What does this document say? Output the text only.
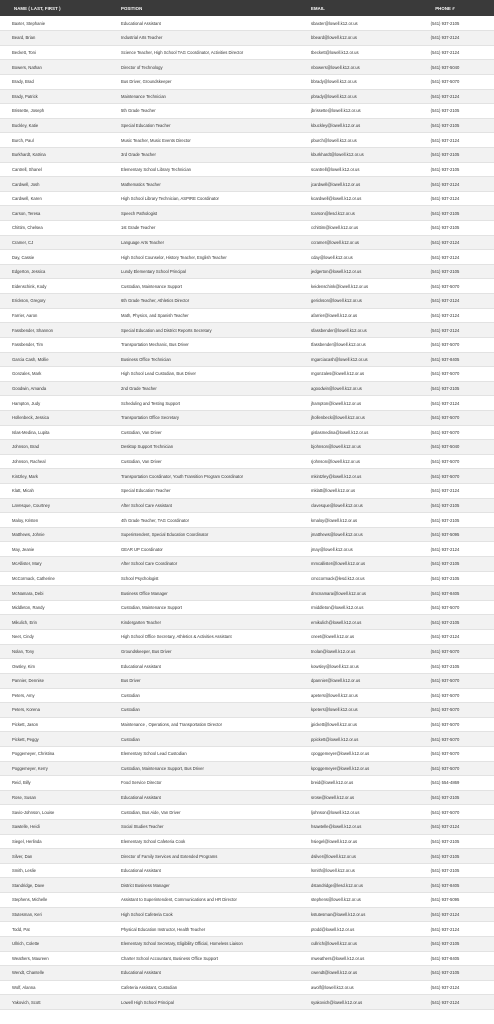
NAME ( LAST, FIRST )	POSITION	EMAIL	PHONE #
Baxter, Stephanie	Educational Assistant	sbaxter@lowell.k12.or.us	(541) 937-2105
Beard, Brian	Industrial Arts Teacher	bbeard@lowell.k12.or.us	(541) 937-2124
Beckett, Toni	Science Teacher, High School TAG Coordinator, Activities Director	tbeckett@lowell.k12.or.us	(541) 937-2124
Bowers, Nathan	Director of Technology	nbowers@lowell.k12.or.us	(541) 937-5040
Brady, Brad	Bus Driver, Groundskeeper	bbrady@lowell.k12.or.us	(541) 937-5070
Brady, Patrick	Maintenance Technician	pbrady@lowell.k12.or.us	(541) 937-2124
Brissette, Joseph	5th Grade Teacher	jbrissette@lowell.k12.or.us	(541) 937-2105
Buckley, Katie	Special Education Teacher	kbuckley@lowell.k12.or.us	(541) 937-2105
Burch, Paul	Music Teacher, Music Events Director	pburch@lowell.k12.or.us	(541) 937-2124
Burkhardt, Katrina	3rd Grade Teacher	kburkhardt@lowell.k12.or.us	(541) 937-2105
Cantrell, Shanel	Elementary School Library Technician	scantrell@lowell.k12.or.us	(541) 937-2105
Cardwell, Josh	Mathematics Teacher	jcardwell@lowell.k12.or.us	(541) 937-2124
Cardwell, Karen	High School Library Technician, ASPIRE Coordinator	kcardwell@lowell.k12.or.us	(541) 937-2124
Carson, Teresa	Speech Pathologist	tcarson@lesd.k12.or.us	(541) 937-2105
Chittim, Chelsea	1st Grade Teacher	cchittim@lowell.k12.or.us	(541) 937-2105
Cramer, CJ	Language Arts Teacher	ccramer@lowell.k12.or.us	(541) 937-2124
Day, Cassie	High School Counselor, History Teacher, English Teacher	cday@lowell.k12.or.us	(541) 937-2124
Edgerton, Jessica	Lundy Elementary School Principal	jedgerton@lowell.k12.or.us	(541) 937-2105
Eidenschink, Kody	Custodian, Maintenance Support	keidenschink@lowell.k12.or.us	(541) 937-5070
Erickson, Gregory	6th Grade Teacher, Athletics Director	gerickson@lowell.k12.or.us	(541) 937-2124
Farrier, Aaron	Math, Physics, and Spanish Teacher	afarrier@lowell.k12.or.us	(541) 937-2124
Fassbender, Shannon	Special Education and District Reports Secretary	sfassbender@lowell.k12.or.us	(541) 937-2124
Fassbender, Tim	Transportation Mechanic, Bus Driver	tfassbender@lowell.k12.or.us	(541) 937-5070
Garcia Cash, Mollie	Business Office Technician	mgarciacash@lowell.k12.or.us	(541) 937-8405
Gonzales, Mark	High School Lead Custodian, Bus Driver	mgonzales@lowell.k12.or.us	(541) 937-5070
Goodwin, Amanda	2nd Grade Teacher	agoodwin@lowell.k12.or.us	(541) 937-2105
Hampton, Judy	Scheduling and Testing Support	jhampton@lowell.k12.or.us	(541) 937-2124
Hollenbeck, Jessica	Transportation Office Secretary	jhollenbeck@lowell.k12.or.us	(541) 937-5070
Islas-Medina, Lupita	Custodian, Van Driver	gislasmedina@lowell.k12.or.us	(541) 937-5070
Johnson, Brad	Desktop Support Technician	bjohnson@lowell.k12.or.us	(541) 937-5040
Johnson, Racheal	Custodian, Van Driver	rjohnson@lowell.k12.or.us	(541) 937-5070
Kintzley, Mark	Transportation Coordinator, Youth Transition Program Coordinator	mkintzley@lowell.k12.or.us	(541) 937-5070
Klatt, Micah	Special Education Teacher	mklatt@lowell.k12.or.us	(541) 937-2124
LaVesque, Courtney	After School Care Assistant	clavesque@lowell.k12.or.us	(541) 937-2105
Maloy, Kristen	4th Grade Teacher, TAG Coordinator	kmaloy@lowell.k12.or.us	(541) 937-2105
Matthews, Johnie	Superintendent, Special Education Coordinator	jmatthews@lowell.k12.or.us	(541) 937-5095
May, Jeanie	GEAR UP Coordinator	jmay@lowell.k12.or.us	(541) 937-2124
McAllister, Mary	After School Care Coordinator	mmcallister@lowell.k12.or.us	(541) 937-2105
McCormack, Catherine	School Psychologist	cmccormack@lesd.k12.or.us	(541) 937-2105
McNamara, Debi	Business Office Manager	dmcnamara@lowell.k12.or.us	(541) 937-8405
Middleton, Randy	Custodian, Maintenance Support	rmiddleton@lowell.k12.or.us	(541) 937-5070
Mikulich, Erin	Kindergarten Teacher	emikulich@lowell.k12.or.us	(541) 937-2105
Neet, Cindy	High School Office Secretary, Athletics & Activities Assistant	cneet@lowell.k12.or.us	(541) 937-2124
Nolan, Tony	Groundskeeper, Bus Driver	tnolan@lowell.k12.or.us	(541) 937-5070
Owsley, Kim	Educational Assistant	kowsley@lowell.k12.or.us	(541) 937-2105
Pannier, Dennise	Bus Driver	dpannier@lowell.k12.or.us	(541) 937-5070
Peters, Amy	Custodian	apeters@lowell.k12.or.us	(541) 937-5070
Peters, Korena	Custodian	kpeters@lowell.k12.or.us	(541) 937-5070
Pickett, Jason	Maintenance , Operations, and Transportation Director	jpickett@lowell.k12.or.us	(541) 937-5070
Pickett, Peggy	Custodian	ppickett@lowell.k12.or.us	(541) 937-5070
Poggemeyer, Christina	Elementary School Lead Custodian	cpoggemeyer@lowell.k12.or.us	(541) 937-5070
Poggemeyer, Kerry	Custodian, Maintenance Support, Bus Driver	kpoggemeyer@lowell.k12.or.us	(541) 937-5070
Reid, Billy	Food Service Director	breid@lowell.k12.or.us	(541) 554-4869
Rose, Susan	Educational Assistant	srose@lowell.k12.or.us	(541) 937-2105
Savio-Johnson, Louise	Custodian, Bus Aide, Van Driver	ljohnson@lowell.k12.or.us	(541) 937-5070
Sawtelle, Heidi	Social Studies Teacher	hsawtelle@lowell.k12.or.us	(541) 937-2124
Siegel, Herlinda	Elementary School Cafeteria Cook	hsiegel@lowell.k12.or.us	(541) 937-2105
Silver, Dan	Director of Family Services and Extended Programs	dsilver@lowell.k12.or.us	(541) 937-2105
Smith, Leslie	Educational Assistant	lsmith@lowell.k12.or.us	(541) 937-2105
Standridge, Dave	District Business Manager	dstandridge@lesd.k12.or.us	(541) 937-8405
Stephens, Michelle	Assistant to Superintendent, Communications and HR Director	stephens@lowell.k12.or.us	(541) 937-5095
Stutesman, Keri	High School Cafeteria Cook	kstutesman@lowell.k12.or.us	(541) 937-2124
Todd, Pat	Physical Education Instructor, Health Teacher	ptodd@lowell.k12.or.us	(541) 937-2124
Ullrich, Colette	Elementary School Secretary, Eligibility Official, Homeless Liaison	cullrich@lowell.k12.or.us	(541) 937-2105
Weathers, Maureen	Charter School Accountant, Business Office Support	mweathers@lowell.k12.or.us	(541) 937-8405
Wendt, Chantelle	Educational Assistant	cwendt@lowell.k12.or.us	(541) 937-2105
Wolf, Alanna	Cafeteria Assistant, Custodian	awolf@lowell.k12.or.us	(541) 937-2124
Yakovich, Scott	Lowell High School Principal	syakovich@lowell.k12.or.us	(541) 937-2124
